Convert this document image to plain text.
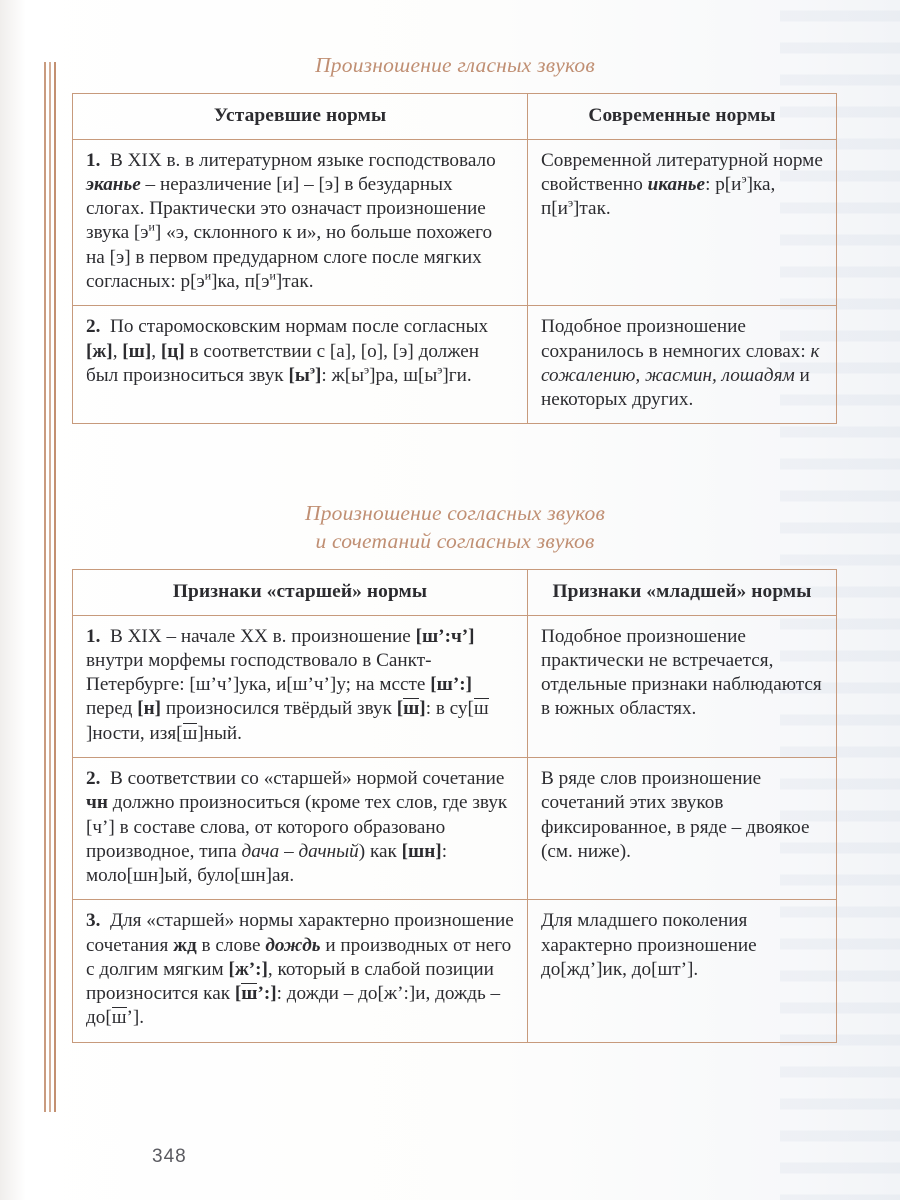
Произношение гласных звуков
Устаревшие нормы	Современные нормы

1.  В XIX в. в литературном языке господствовало эканье – неразличение [и] – [э] в безударных слогах. Практически это означаст произношение звука $[э^и]$ «э, склонного к и», но больше похожего на [э] в первом предударном слоге после мягких согласных: $р[э^и]ка$, $п[э^и]так$.	Современной литературной норме свойственно иканье: $р[и^э]ка$, $п[и^э]так$.

2.  По старомосковским нормам после согласных [ж], [ш], [ц] в соответствии с [а], [о], [э] должен был произноситься звук $[ы^э]$: $ж[ы^э]ра$, $ш[ы^э]ги$.	Подобное произношение сохранилось в немногих словах: к сожалению, жасмин, лошадям и некоторых других.
Произношение согласных звуков
и сочетаний согласных звуков
Признаки «старшей» нормы	Признаки «младшей» нормы

1.  В XIX – начале XX в. произношение [ш’:ч’] внутри морфемы господствовало в Санкт-Петербурге: [ш’ч’]ука, и[ш’ч’]у; на мссте [ш’:] перед [н] произносился твёрдый звук [ш]: в су[ш]ности, изя[ш]ный.	Подобное произношение практически не встречается, отдельные признаки наблюдаются в южных областях.

2.  В соответствии со «старшей» нормой сочетание чн должно произноситься (кроме тех слов, где звук [ч’] в составе слова, от которого образовано производное, типа дача – дачный) как [шн]: моло[шн]ый, було[шн]ая.	В ряде слов произношение сочетаний этих звуков фиксированное, в ряде – двоякое (см. ниже).

3.  Для «старшей» нормы характерно произношение сочетания жд в слове дождь и производных от него с долгим мягким [ж’:], который в слабой позиции произносится как [ш’:]: дожди – до[ж’:]и, дождь – до[ш’].	Для младшего поколения характерно произношение до[жд’]ик, до[шт’].
348
